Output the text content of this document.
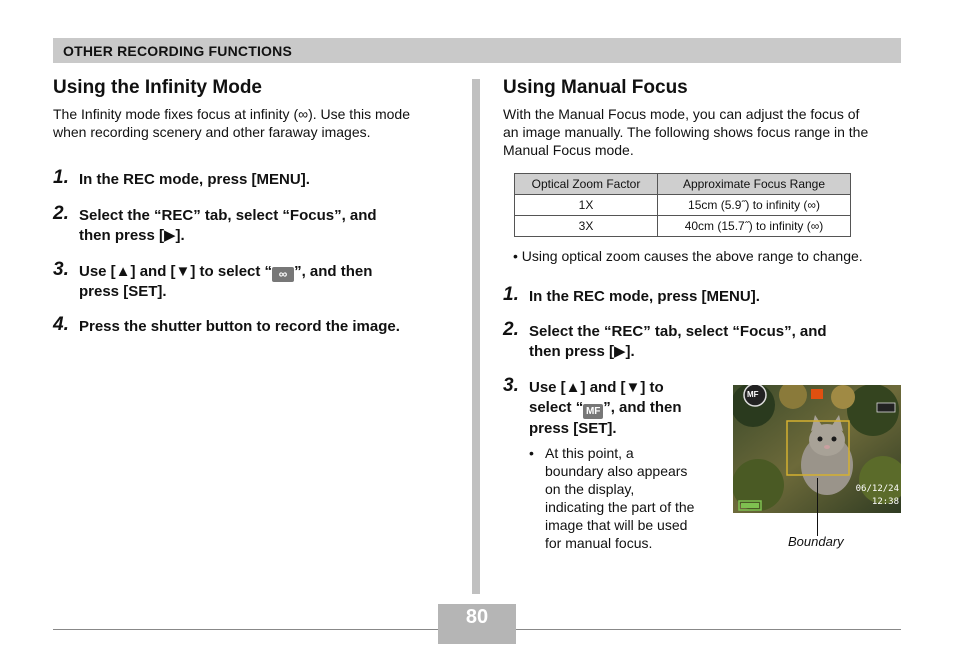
OTHER RECORDING FUNCTIONS
Using the Infinity Mode
The Infinity mode fixes focus at infinity (∞). Use this mode
when recording scenery and other faraway images.
1. In the REC mode, press [MENU].
2. Select the “REC” tab, select “Focus”, and
then press [▶].
3. Use [▲] and [▼] to select “ ∞ ”, and then
press [SET].
4. Press the shutter button to record the image.
Using Manual Focus
With the Manual Focus mode, you can adjust the focus of
an image manually. The following shows focus range in the
Manual Focus mode.
Optical Zoom Factor	Approximate Focus Range
1X	15cm (5.9˝) to infinity (∞)
3X	40cm (15.7˝) to infinity (∞)
• Using optical zoom causes the above range to change.
1. In the REC mode, press [MENU].
2. Select the “REC” tab, select “Focus”, and
then press [▶].
3. Use [▲] and [▼] to
select “ MF ”, and then
press [SET].
• At this point, a
boundary also appears
on the display,
indicating the part of the
image that will be used
for manual focus.
MF
06/12/24
12:38
Boundary
80
